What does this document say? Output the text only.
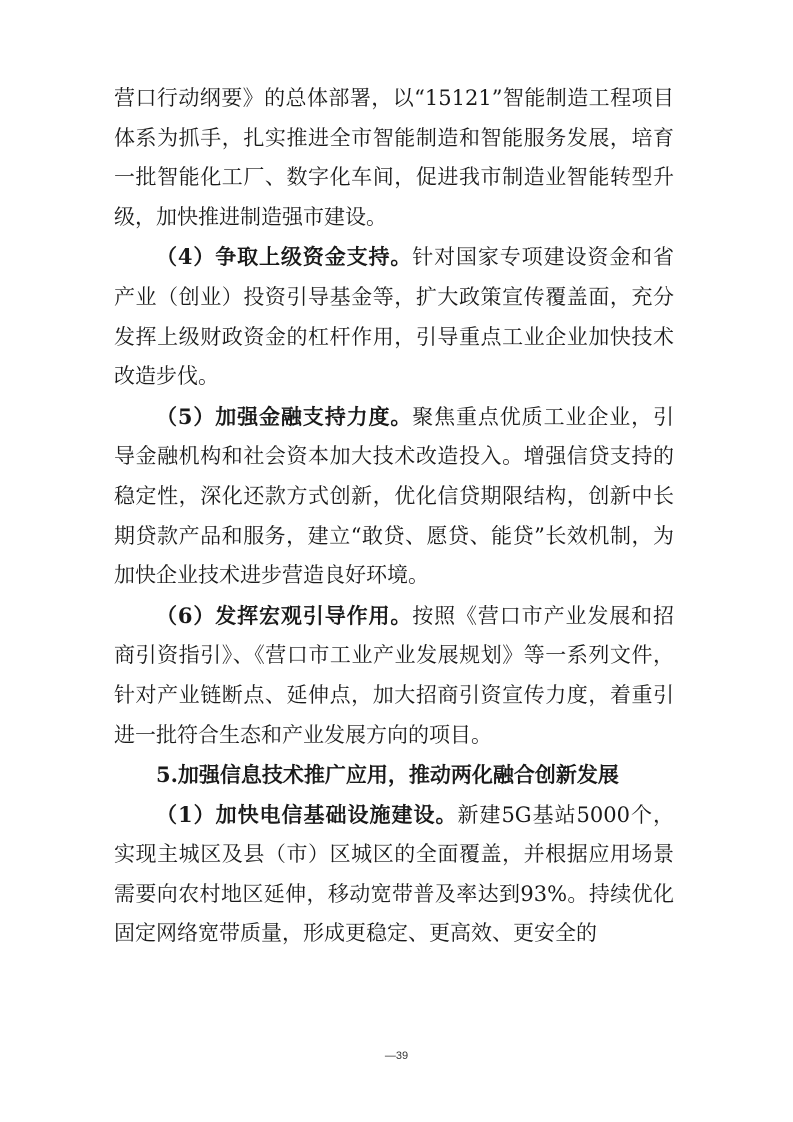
营口行动纲要》的总体部署，以“15121”智能制造工程项目体系为抓手，扎实推进全市智能制造和智能服务发展，培育一批智能化工厂、数字化车间，促进我市制造业智能转型升级，加快推进制造强市建设。

（4）争取上级资金支持。针对国家专项建设资金和省产业（创业）投资引导基金等，扩大政策宣传覆盖面，充分发挥上级财政资金的杠杆作用，引导重点工业企业加快技术改造步伐。

（5）加强金融支持力度。聚焦重点优质工业企业，引导金融机构和社会资本加大技术改造投入。增强信贷支持的稳定性，深化还款方式创新，优化信贷期限结构，创新中长期贷款产品和服务，建立“敢贷、愿贷、能贷”长效机制，为加快企业技术进步营造良好环境。

（6）发挥宏观引导作用。按照《营口市产业发展和招商引资指引》、《营口市工业产业发展规划》等一系列文件，针对产业链断点、延伸点，加大招商引资宣传力度，着重引进一批符合生态和产业发展方向的项目。

5.加强信息技术推广应用，推动两化融合创新发展

（1）加快电信基础设施建设。新建5G基站5000个，实现主城区及县（市）区城区的全面覆盖，并根据应用场景需要向农村地区延伸，移动宽带普及率达到93%。持续优化固定网络宽带质量，形成更稳定、更高效、更安全的

—39
